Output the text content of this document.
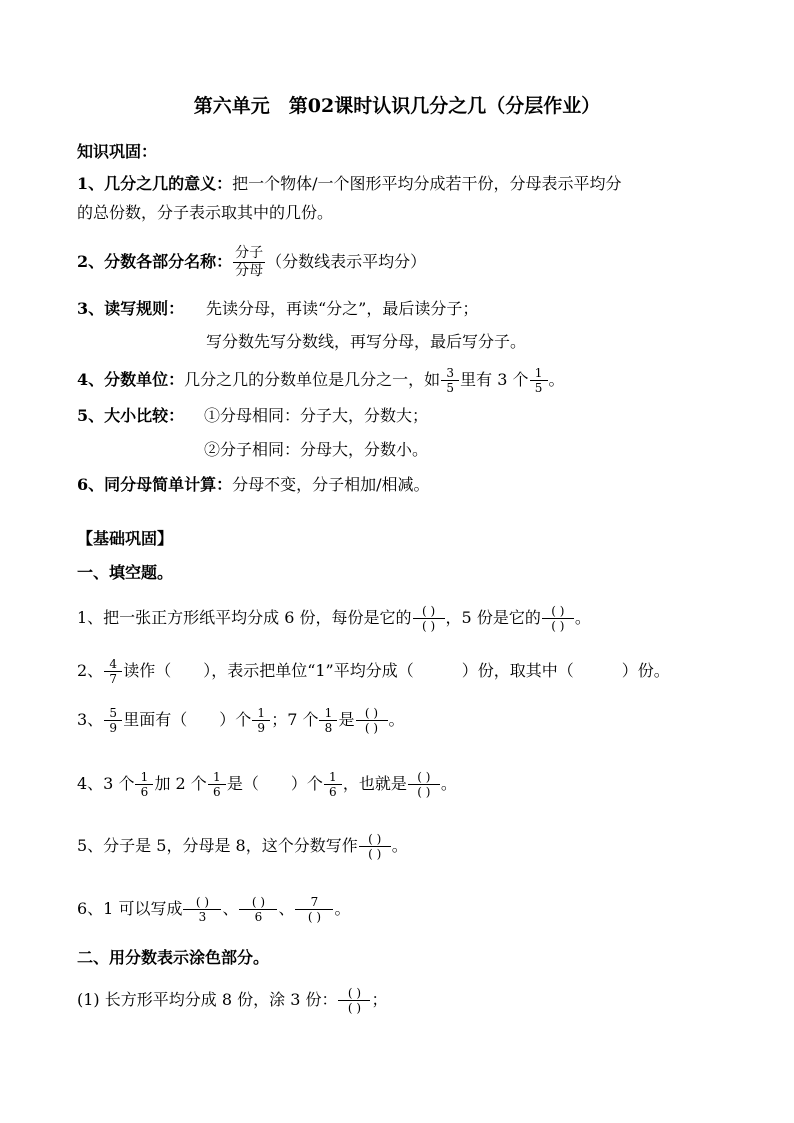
第六单元　第02课时认识几分之几（分层作业）
知识巩固：
1、几分之几的意义：把一个物体/一个图形平均分成若干份，分母表示平均分
的总份数，分子表示取其中的几份。
2、分数各部分名称： $\frac{\text{分子}}{\text{分母}}$ （分数线表示平均分）
3、读写规则： 先读分母，再读“分之”，最后读分子；
写分数先写分数线，再写分母，最后写分子。
4、分数单位：几分之几的分数单位是几分之一，如 $\frac{3}{5}$ 里有 3 个 $\frac{1}{5}$ 。
5、大小比较： ①分母相同：分子大，分数大；
②分子相同：分母大，分数小。
6、同分母简单计算：分母不变，分子相加/相减。
【基础巩固】
一、填空题。
1、把一张正方形纸平均分成 6 份，每份是它的 $\frac{( )}{( )}$ ，5 份是它的 $\frac{( )}{( )}$ 。
2、 $\frac{4}{7}$ 读作（　　），表示把单位“1”平均分成（　　　）份，取其中（　　　）份。
3、 $\frac{5}{9}$ 里面有（　　）个 $\frac{1}{9}$ ；7 个 $\frac{1}{8}$ 是 $\frac{( )}{( )}$ 。
4、3 个 $\frac{1}{6}$ 加 2 个 $\frac{1}{6}$ 是（　　）个 $\frac{1}{6}$ ，也就是 $\frac{( )}{( )}$ 。
5、分子是 5，分母是 8，这个分数写作 $\frac{( )}{( )}$ 。
6、1 可以写成 $\frac{( )}{3}$ 、 $\frac{( )}{6}$ 、 $\frac{7}{( )}$ 。
二、用分数表示涂色部分。
(1) 长方形平均分成 8 份，涂 3 份： $\frac{( )}{( )}$ ；
